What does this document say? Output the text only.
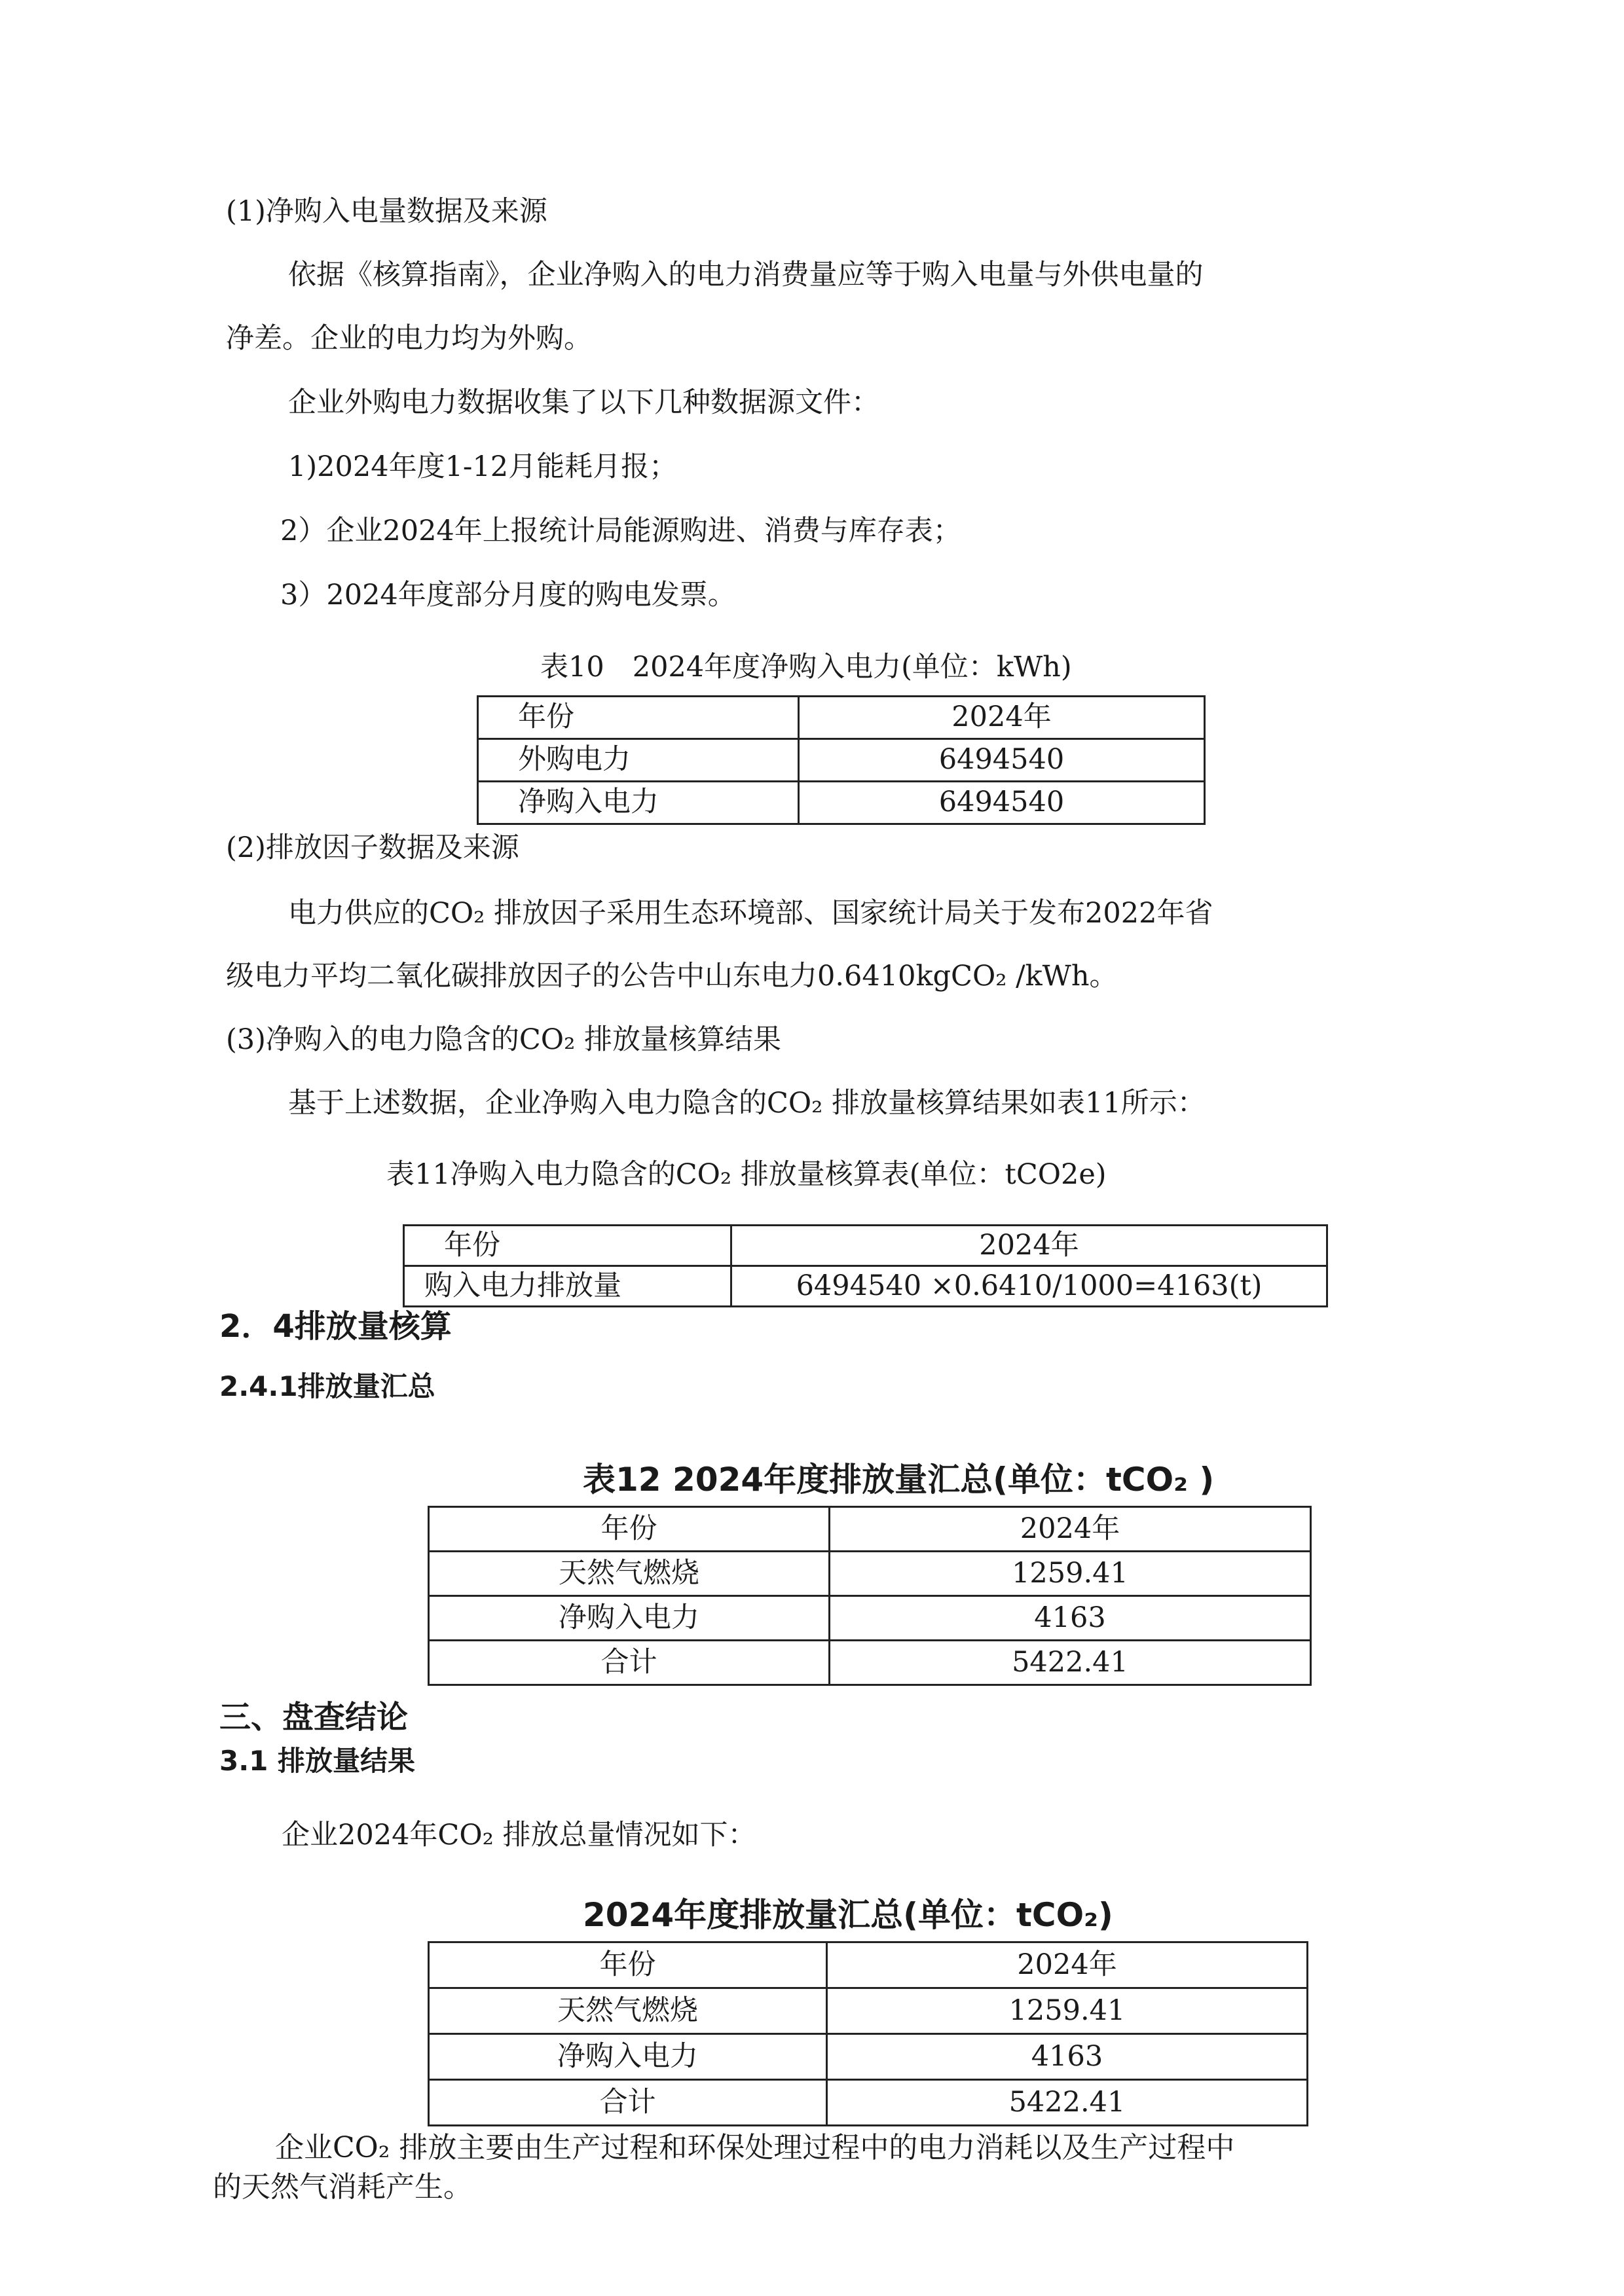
(1)净购入电量数据及来源
依据《核算指南》，企业净购入的电力消费量应等于购入电量与外供电量的
净差。企业的电力均为外购。
企业外购电力数据收集了以下几种数据源文件：
1)2024年度1-12月能耗月报；
2）企业2024年上报统计局能源购进、消费与库存表；
3）2024年度部分月度的购电发票。
表10　2024年度净购入电力(单位：kWh)
年份	2024年
外购电力	6494540
净购入电力	6494540
(2)排放因子数据及来源
电力供应的CO₂ 排放因子采用生态环境部、国家统计局关于发布2022年省
级电力平均二氧化碳排放因子的公告中山东电力0.6410kgCO₂ /kWh。
(3)净购入的电力隐含的CO₂ 排放量核算结果
基于上述数据，企业净购入电力隐含的CO₂ 排放量核算结果如表11所示：
表11净购入电力隐含的CO₂ 排放量核算表(单位：tCO2e)
年份	2024年
购入电力排放量	6494540 ×0.6410/1000=4163(t)
2．4排放量核算
2.4.1排放量汇总
表12 2024年度排放量汇总(单位：tCO₂ )
年份	2024年
天然气燃烧	1259.41
净购入电力	4163
合计	5422.41
三、盘查结论
3.1 排放量结果
企业2024年CO₂ 排放总量情况如下：
2024年度排放量汇总(单位：tCO₂)
年份	2024年
天然气燃烧	1259.41
净购入电力	4163
合计	5422.41
企业CO₂ 排放主要由生产过程和环保处理过程中的电力消耗以及生产过程中
的天然气消耗产生。
